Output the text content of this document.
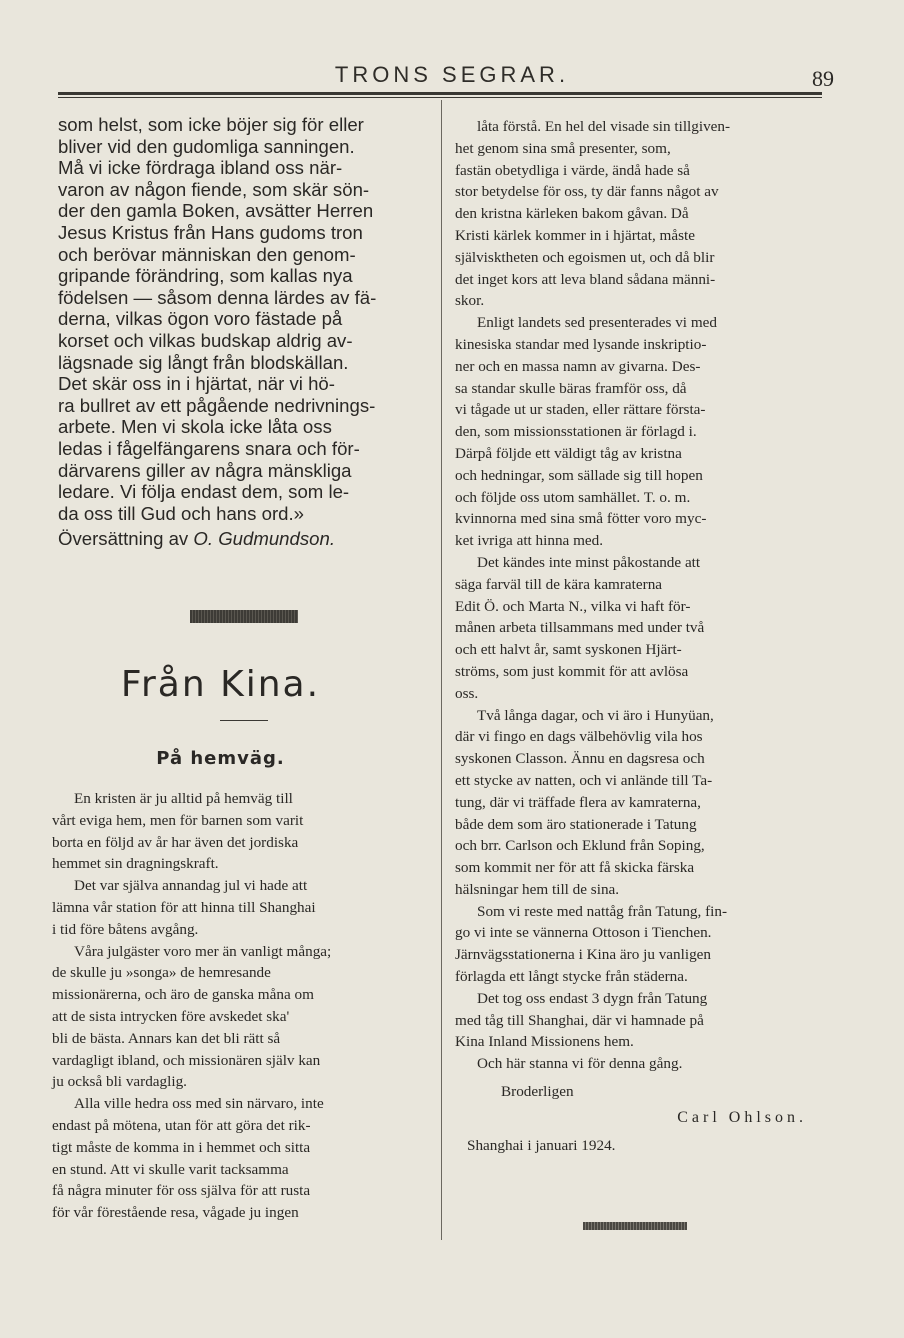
TRONS SEGRAR.	89

som helst, som icke böjer sig för eller
bliver vid den gudomliga sanningen.
Må vi icke fördraga ibland oss när-
varon av någon fiende, som skär sön-
der den gamla Boken, avsätter Herren
Jesus Kristus från Hans gudoms tron
och berövar människan den genom-
gripande förändring, som kallas nya
födelsen — såsom denna lärdes av fä-
derna, vilkas ögon voro fästade på
korset och vilkas budskap aldrig av-
lägsnade sig långt från blodskällan.
Det skär oss in i hjärtat, när vi hö-
ra bullret av ett pågående nedrivnings-
arbete. Men vi skola icke låta oss
ledas i fågelfängarens snara och för-
därvarens giller av några mänskliga
ledare. Vi följa endast dem, som le-
da oss till Gud och hans ord.»

Översättning av O. Gudmundson.
Från Kina.
På hemväg.

En kristen är ju alltid på hemväg till
vårt eviga hem, men för barnen som varit
borta en följd av år har även det jordiska
hemmet sin dragningskraft.

Det var själva annandag jul vi hade att
lämna vår station för att hinna till Shanghai
i tid före båtens avgång.

Våra julgäster voro mer än vanligt många;
de skulle ju »songa» de hemresande
missionärerna, och äro de ganska måna om
att de sista intrycken före avskedet ska'
bli de bästa. Annars kan det bli rätt så
vardagligt ibland, och missionären själv kan
ju också bli vardaglig.

Alla ville hedra oss med sin närvaro, inte
endast på mötena, utan för att göra det rik-
tigt måste de komma in i hemmet och sitta
en stund. Att vi skulle varit tacksamma
få några minuter för oss själva för att rusta
för vår förestående resa, vågade ju ingen

låta förstå. En hel del visade sin tillgiven-
het genom sina små presenter, som,
fastän obetydliga i värde, ändå hade så
stor betydelse för oss, ty där fanns något av
den kristna kärleken bakom gåvan. Då
Kristi kärlek kommer in i hjärtat, måste
självisktheten och egoismen ut, och då blir
det inget kors att leva bland sådana männi-
skor.

Enligt landets sed presenterades vi med
kinesiska standar med lysande inskriptio-
ner och en massa namn av givarna. Des-
sa standar skulle bäras framför oss, då
vi tågade ut ur staden, eller rättare första-
den, som missionsstationen är förlagd i.
Därpå följde ett väldigt tåg av kristna
och hedningar, som sällade sig till hopen
och följde oss utom samhället. T. o. m.
kvinnorna med sina små fötter voro myc-
ket ivriga att hinna med.

Det kändes inte minst påkostande att
säga farväl till de kära kamraterna
Edit Ö. och Marta N., vilka vi haft för-
månen arbeta tillsammans med under två
och ett halvt år, samt syskonen Hjärt-
ströms, som just kommit för att avlösa
oss.

Två långa dagar, och vi äro i Hunyüan,
där vi fingo en dags välbehövlig vila hos
syskonen Classon. Ännu en dagsresa och
ett stycke av natten, och vi anlände till Ta-
tung, där vi träffade flera av kamraterna,
både dem som äro stationerade i Tatung
och brr. Carlson och Eklund från Soping,
som kommit ner för att få skicka färska
hälsningar hem till de sina.

Som vi reste med nattåg från Tatung, fin-
go vi inte se vännerna Ottoson i Tienchen.
Järnvägsstationerna i Kina äro ju vanligen
förlagda ett långt stycke från städerna.

Det tog oss endast 3 dygn från Tatung
med tåg till Shanghai, där vi hamnade på
Kina Inland Missionens hem.

Och här stanna vi för denna gång.

Broderligen
Carl Ohlson.
Shanghai i januari 1924.
